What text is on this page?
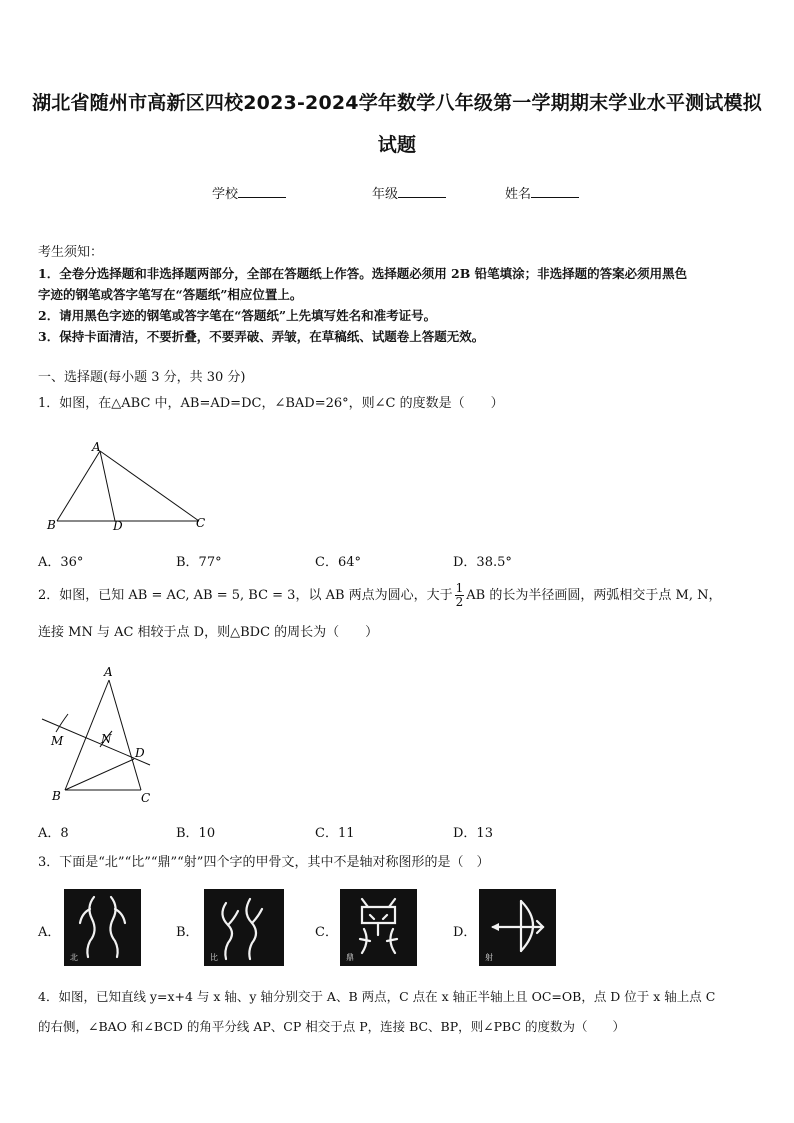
湖北省随州市高新区四校2023-2024学年数学八年级第一学期期末学业水平测试模拟
试题
学校	年级	姓名
考生须知：
1．全卷分选择题和非选择题两部分，全部在答题纸上作答。选择题必须用 2B 铅笔填涂；非选择题的答案必须用黑色
字迹的钢笔或答字笔写在“答题纸”相应位置上。
2．请用黑色字迹的钢笔或答字笔在“答题纸”上先填写姓名和准考证号。
3．保持卡面清洁，不要折叠，不要弄破、弄皱，在草稿纸、试题卷上答题无效。
一、选择题(每小题 3 分，共 30 分)
1．如图，在△ABC 中，AB=AD=DC，∠BAD=26°，则∠C 的度数是（　　）
A
B	D	C
A．36°	B．77°	C．64°	D．38.5°
2．如图，已知 AB = AC, AB = 5, BC = 3，以 AB 两点为圆心，大于 $\frac{1}{2}$ AB 的长为半径画圆，两弧相交于点 M, N，
连接 MN 与 AC 相较于点 D，则△BDC 的周长为（　　）
A
B	C
D
M	N
A．8	B．10	C．11	D．13
3．下面是“北”“比”“鼎”“射”四个字的甲骨文，其中不是轴对称图形的是（　）
A．
北
B．
比
C．
鼎
D．
射
4．如图，已知直线 y=x+4 与 x 轴、y 轴分别交于 A、B 两点，C 点在 x 轴正半轴上且 OC=OB，点 D 位于 x 轴上点 C
的右侧，∠BAO 和∠BCD 的角平分线 AP、CP 相交于点 P，连接 BC、BP，则∠PBC 的度数为（　　）
